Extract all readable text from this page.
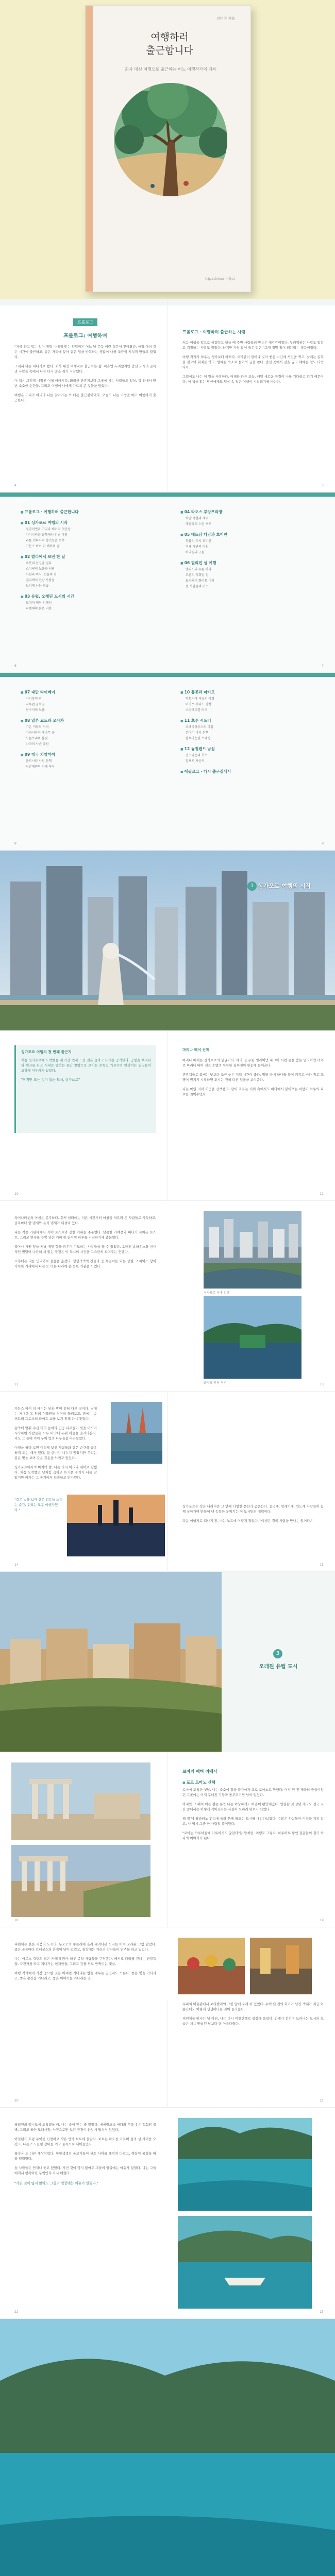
김미영 지음
여행하러
출근합니다
회사 대신 여행으로 출근하는 어느 여행작가의 기록
tripadvisor · 북스
프롤로그
프롤로그: 여행하며

"지금 하고 있는 일이 정말 나에게 맞는 일일까?" 어느 날 문득 이런 질문이 찾아왔다. 매일 아침 같은 시간에 출근하고, 같은 자리에 앉아 같은 일을 반복하는 생활이 나를 조금씩 지치게 만들고 있었다.

그래서 나는 떠나기로 했다. 회사 대신 여행지로 출근하는 삶. 처음엔 두려웠지만 낯선 도시의 골목과 사람들 속에서 나는 다시 숨을 쉬기 시작했다.

이 책은 그렇게 시작된 여행 이야기다. 화려한 관광지보다 그곳에 사는 사람들의 일상, 길 위에서 만난 소소한 순간들, 그리고 여행이 나에게 가르쳐 준 것들을 담았다.

여행은 도피가 아니라 나를 찾아가는 또 다른 출근길이었다. 오늘도 나는 가방을 메고 여행하러 출근한다.

4
프롤로그 · 여행하며 출근하는 사람

처음 여행을 업으로 삼겠다고 했을 때 주변 사람들의 반응은 제각각이었다. 부러워하는 사람도 있었고 걱정하는 사람도 있었다. 하지만 가장 많이 들은 말은 "그게 정말 일이 돼?"라는 질문이었다.

여행 작가의 하루는 생각보다 바쁘다. 새벽같이 일어나 빛이 좋은 시간에 사진을 찍고, 낮에는 골목을 걸으며 취재를 하고, 밤에는 숙소로 돌아와 글을 쓴다. 낯선 곳에서 길을 잃고 헤매는 일도 다반사다.

그럼에도 나는 이 일을 사랑한다. 어제와 다른 오늘, 매일 새로운 풍경이 나를 기다리고 있기 때문이다. 이 책을 읽는 당신에게도 일상 속 작은 여행이 시작되기를 바란다.

5
Contents
■ 프롤로그 · 여행하러 출근합니다
■ 01 싱가포르 여행의 시작
멀라이언과 마리나 베이의 첫인상
차이나타운 골목에서 만난 아침
리틀 인디아의 향기로운 오후
가든스 바이 더 베이의 밤
■ 02 발리에서 보낸 한 달
우붓의 논길을 걷다
스미냑의 노을과 서핑
사원과 의식, 신들의 섬
발리에서 만난 사람들
느리게 사는 연습
■ 03 유럽, 오래된 도시의 시간
로마의 폐허 위에서
피렌체의 붉은 지붕
■ 04 라오스 루앙프라방
탁발 행렬의 새벽
메콩강의 느린 오후
■ 05 베트남 다낭과 호이안
등불의 도시 호이안
미케 해변의 아침
바나힐의 구름
■ 06 필리핀 섬 여행
엘니도의 푸른 바다
코론의 석회암 섬
보라카이 화이트 비치
섬 사람들의 미소
6	7
■ 07 대만 타이베이
야시장의 밤
지우펀 골목길
단수이의 노을
■ 08 일본 교토와 오사카
기온 거리의 저녁
아라시야마 대나무 숲
도톤보리의 불빛
나라의 사슴 공원
■ 09 태국 치앙마이
올드시티 사원 산책
님만해민의 카페 투어
■ 10 홍콩과 마카오
빅토리아 피크의 야경
마카오 세나도 광장
스타페리를 타고
■ 11 호주 시드니
오페라하우스의 아침
본다이 비치 산책
블루마운틴 트레킹
■ 12 뉴질랜드 남섬
퀸스타운의 호수
밀포드 사운드
■ 에필로그 · 다시 출근길에서
8	9
1 싱가포르 여행의 시작
싱가포르 여행의 첫 번째 출근지

처음 싱가포르에 도착했을 때 가장 먼저 느낀 것은 습하고 뜨거운 공기였다. 공항을 빠져나와 택시를 타고 시내로 향하는 동안 창밖으로 보이는 초록빛 가로수와 반짝이는 빌딩들이 묘하게 어우러져 있었다.

"작지만 모든 것이 있는 도시, 싱가포르"

10
마리나 베이 산책

마리나 베이는 싱가포르의 얼굴이다. 해가 질 무렵 멀라이언 파크에 서면 물을 뿜는 멀라이언 너머로 마리나 베이 샌즈 호텔의 독특한 실루엣이 한눈에 들어온다.

관광객들로 붐비는 낮보다 조금 늦은 저녁 시간이 좋다. 빌딩 숲에 하나둘 불이 켜지고 바다 위로 조명이 번지기 시작하면 도시는 전혀 다른 얼굴을 보여준다.

나는 매일 저녁 이곳을 산책했다. 땀이 흐르는 더위 속에서도 바다에서 불어오는 바람이 하루의 피로를 씻어주었다.

11

차이나타운의 아침은 분주하다. 호커 센터에는 이른 시간부터 아침을 먹으러 온 사람들로 가득하고, 골목마다 향 냄새와 음식 냄새가 뒤섞여 있다.

나는 작은 가판대에서 카야 토스트와 진한 커피를 주문했다. 달콤한 카야잼과 버터가 녹아든 토스트, 그리고 연유를 듬뿍 넣은 커피 한 잔이면 하루를 시작하기에 충분했다.

불아사 사원 앞을 지날 때면 향을 피우며 기도하는 사람들을 볼 수 있었다. 오래된 숍하우스와 현대적인 빌딩이 나란히 서 있는 풍경은 이 도시의 시간을 고스란히 보여주는 듯했다.

오후에는 리틀 인디아로 걸음을 옮겼다. 형형색색의 건물과 꽃 목걸이를 파는 상점, 스파이스 향이 가득한 거리에서 나는 또 다른 나라에 온 듯한 기분을 느꼈다.

12
싱가포르 시내 전경
클라크 키의 저녁	13

가든스 바이 더 베이는 낮과 밤이 전혀 다른 곳이다. 낮에는 거대한 돔 안의 식물원을 천천히 둘러보고, 밤에는 슈퍼트리 그로브의 라이트 쇼를 보기 위해 다시 찾았다.

음악에 맞춰 수십 미터 높이의 인공 나무들이 빛을 바꾸기 시작하면 사람들은 모두 바닥에 누워 하늘을 올려다본다. 나도 그 틈에 끼어 누워 빛의 나무들을 바라보았다.

여행을 하다 보면 이렇게 낯선 사람들과 같은 순간을 공유하게 되는 때가 있다. 말 한마디 나누지 않았지만 우리는 같은 빛을 보며 같은 감동을 느끼고 있었다.

싱가포르에서의 마지막 밤, 나는 다시 마리나 베이로 향했다. 처음 도착했던 날처럼 습하고 뜨거운 공기가 나를 맞았지만 이제는 그 공기마저 익숙하고 반가웠다.

"같은 빛을 보며 같은 감동을 느끼는 순간, 우리는 모두 여행자였다."
14

싱가포르는 작은 나라지만 그 안에 다양한 문화가 공존한다. 중국계, 말레이계, 인도계 사람들이 함께 살아가며 만들어 낸 독특한 분위기는 이 도시만의 매력이다.

다음 여행지로 떠나기 전, 나는 노트에 이렇게 적었다. "여행은 결국 사람을 만나는 일이다."

15
3
오래된 유럽 도시
18
로마의 폐허 위에서
■ 포로 로마노 산책

로마에 도착한 첫날, 나는 숙소에 짐을 풀자마자 포로 로마노로 향했다. 이천 년 전 제국의 중심이었던 그곳에는 이제 무너진 기둥과 돌무더기만 남아 있었다.

하지만 그 폐허 위를 걷는 동안 나는 이상하게도 마음이 편안해졌다. 영원할 것 같던 제국도 결국 시간 앞에서는 이렇게 작아진다는 사실이 오히려 위로가 되었다.

해 질 녘 팔라티노 언덕에 올라 붉게 물드는 도시를 내려다보았다. 수많은 사람들이 이곳을 거쳐 갔고, 나 역시 그중 한 사람일 뿐이었다.

"로마는 하루아침에 이루어지지 않았다"는 말처럼, 여행도 그렇다. 하루하루 쌓인 걸음들이 결국 하나의 이야기가 된다.

19

피렌체는 붉은 지붕의 도시다. 두오모의 쿠폴라에 올라 내려다본 도시는 마치 오래된 그림 같았다. 좁은 골목마다 르네상스의 흔적이 남아 있었고, 광장에는 거리의 악사들이 연주를 하고 있었다.

나는 아르노 강변의 작은 카페에 앉아 하루 종일 사람들을 구경했다. 베키오 다리를 건너는 관광객들, 자전거를 타고 지나가는 현지인들, 그리고 강물 위로 반짝이는 햇살.

여행 작가에게 가장 중요한 것은 어쩌면 기다리는 법을 배우는 일인지도 모른다. 좋은 빛을 기다리고, 좋은 순간을 기다리고, 좋은 이야기를 기다리는 것.

20

우피치 미술관에서 보티첼리의 그림 앞에 오래 서 있었다. 수백 년 전의 화가가 남긴 색채가 지금 이 순간에도 이렇게 생생하다는 것이 놀라웠다.

피렌체를 떠나는 날 아침, 나는 다시 미켈란젤로 광장에 올랐다. 안개가 걷히며 드러나는 도시의 모습은 처음 만났던 날보다 더 아름다웠다.

21

필리핀의 엘니도에 도착했을 때, 나는 숨이 멎는 줄 알았다. 에메랄드빛 바다와 우뚝 솟은 석회암 절벽, 그리고 하얀 모래사장. 사진으로만 보던 풍경이 눈앞에 펼쳐져 있었다.

아일랜드 호핑 투어를 신청하고 작은 방카 보트에 올랐다. 보트는 파도를 가르며 섬과 섬 사이를 오갔고, 나는 스노클링 장비를 끼고 물속으로 뛰어들었다.

물속은 또 다른 세상이었다. 형형색색의 물고기들이 산호 사이를 헤엄쳐 다녔고, 햇살이 물결을 따라 일렁였다.

섬 사람들은 언제나 웃고 있었다. 가진 것이 많지 않아도 그들의 얼굴에는 여유가 있었다. 나는 그들에게서 행복이란 무엇인지 다시 배웠다.

"가진 것이 많지 않아도 그들의 얼굴에는 여유가 있었다."

22	23
